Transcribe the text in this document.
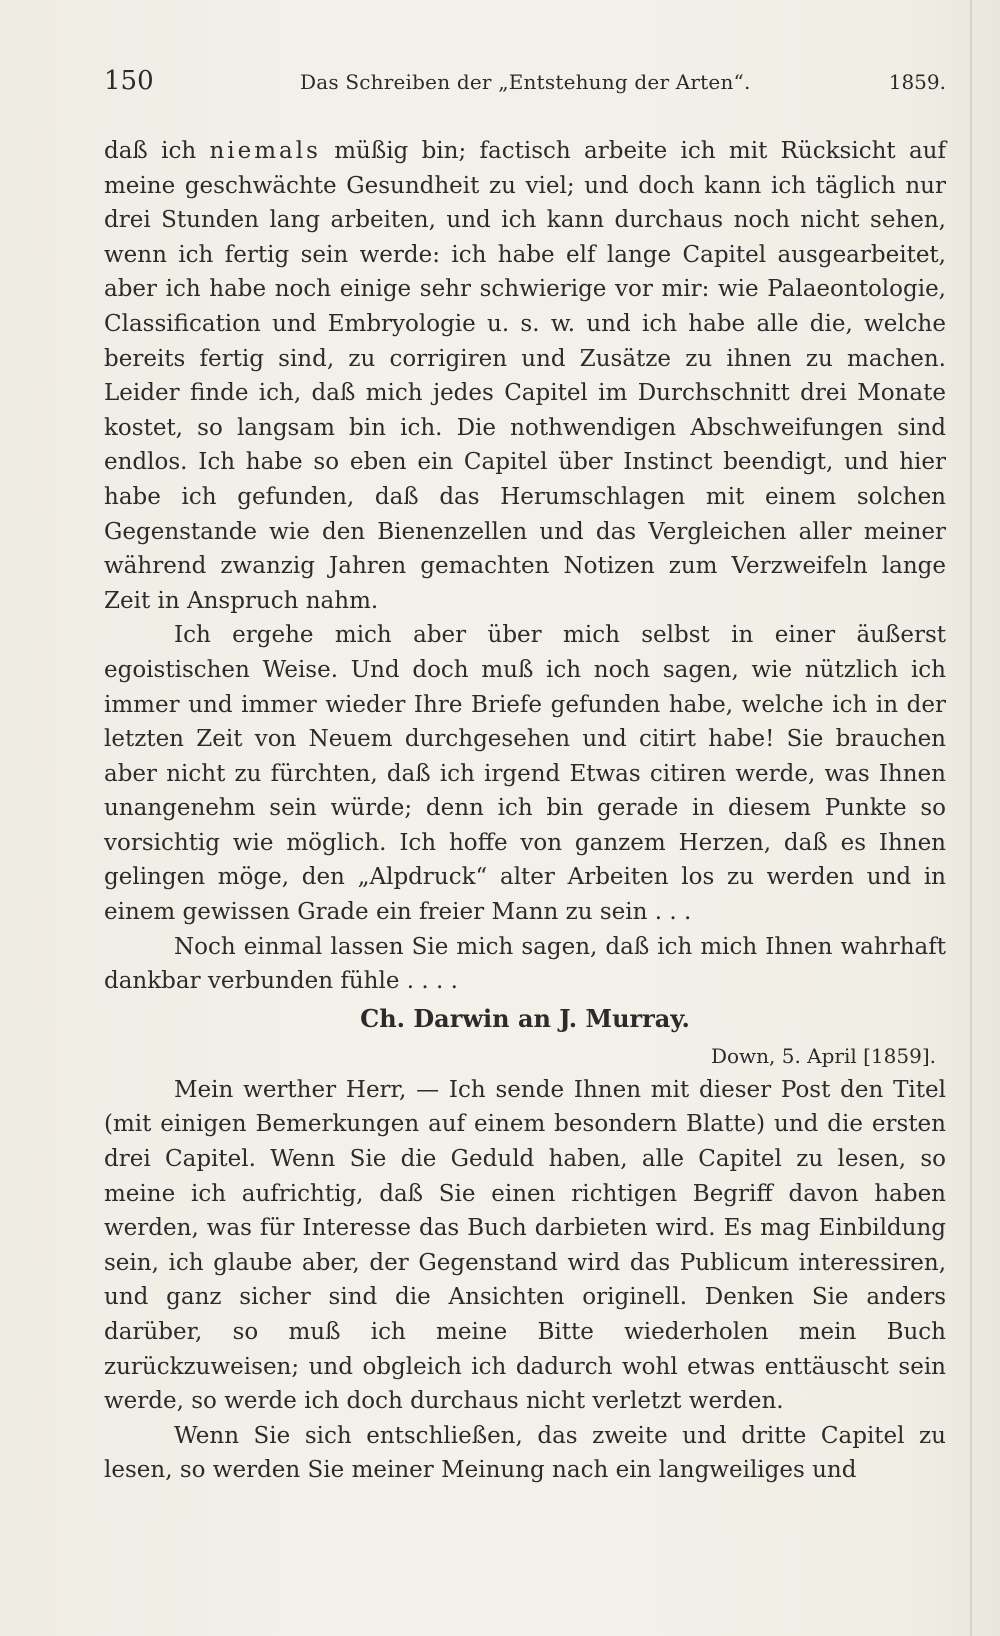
150	Das Schreiben der „Entstehung der Arten“.	1859.

daß ich niemals müßig bin; factisch arbeite ich mit Rücksicht auf meine geschwächte Gesundheit zu viel; und doch kann ich täglich nur drei Stunden lang arbeiten, und ich kann durchaus noch nicht sehen, wenn ich fertig sein werde: ich habe elf lange Capitel ausgearbeitet, aber ich habe noch einige sehr schwierige vor mir: wie Palaeontologie, Classification und Embryologie u. s. w. und ich habe alle die, welche bereits fertig sind, zu corrigiren und Zusätze zu ihnen zu machen. Leider finde ich, daß mich jedes Capitel im Durchschnitt drei Monate kostet, so langsam bin ich. Die nothwendigen Abschweifungen sind endlos. Ich habe so eben ein Capitel über Instinct beendigt, und hier habe ich gefunden, daß das Herumschlagen mit einem solchen Gegenstande wie den Bienenzellen und das Vergleichen aller meiner während zwanzig Jahren gemachten Notizen zum Verzweifeln lange Zeit in Anspruch nahm.

Ich ergehe mich aber über mich selbst in einer äußerst egoistischen Weise. Und doch muß ich noch sagen, wie nützlich ich immer und immer wieder Ihre Briefe gefunden habe, welche ich in der letzten Zeit von Neuem durchgesehen und citirt habe! Sie brauchen aber nicht zu fürchten, daß ich irgend Etwas citiren werde, was Ihnen unangenehm sein würde; denn ich bin gerade in diesem Punkte so vorsichtig wie möglich. Ich hoffe von ganzem Herzen, daß es Ihnen gelingen möge, den „Alpdruck“ alter Arbeiten los zu werden und in einem gewissen Grade ein freier Mann zu sein . . .

Noch einmal lassen Sie mich sagen, daß ich mich Ihnen wahrhaft dankbar verbunden fühle . . . .

Ch. Darwin an J. Murray.

Down, 5. April [1859].

Mein werther Herr, — Ich sende Ihnen mit dieser Post den Titel (mit einigen Bemerkungen auf einem besondern Blatte) und die ersten drei Capitel. Wenn Sie die Geduld haben, alle Capitel zu lesen, so meine ich aufrichtig, daß Sie einen richtigen Begriff davon haben werden, was für Interesse das Buch darbieten wird. Es mag Einbildung sein, ich glaube aber, der Gegenstand wird das Publicum interessiren, und ganz sicher sind die Ansichten originell. Denken Sie anders darüber, so muß ich meine Bitte wiederholen mein Buch zurückzuweisen; und obgleich ich dadurch wohl etwas enttäuscht sein werde, so werde ich doch durchaus nicht verletzt werden.

Wenn Sie sich entschließen, das zweite und dritte Capitel zu lesen, so werden Sie meiner Meinung nach ein langweiliges und
